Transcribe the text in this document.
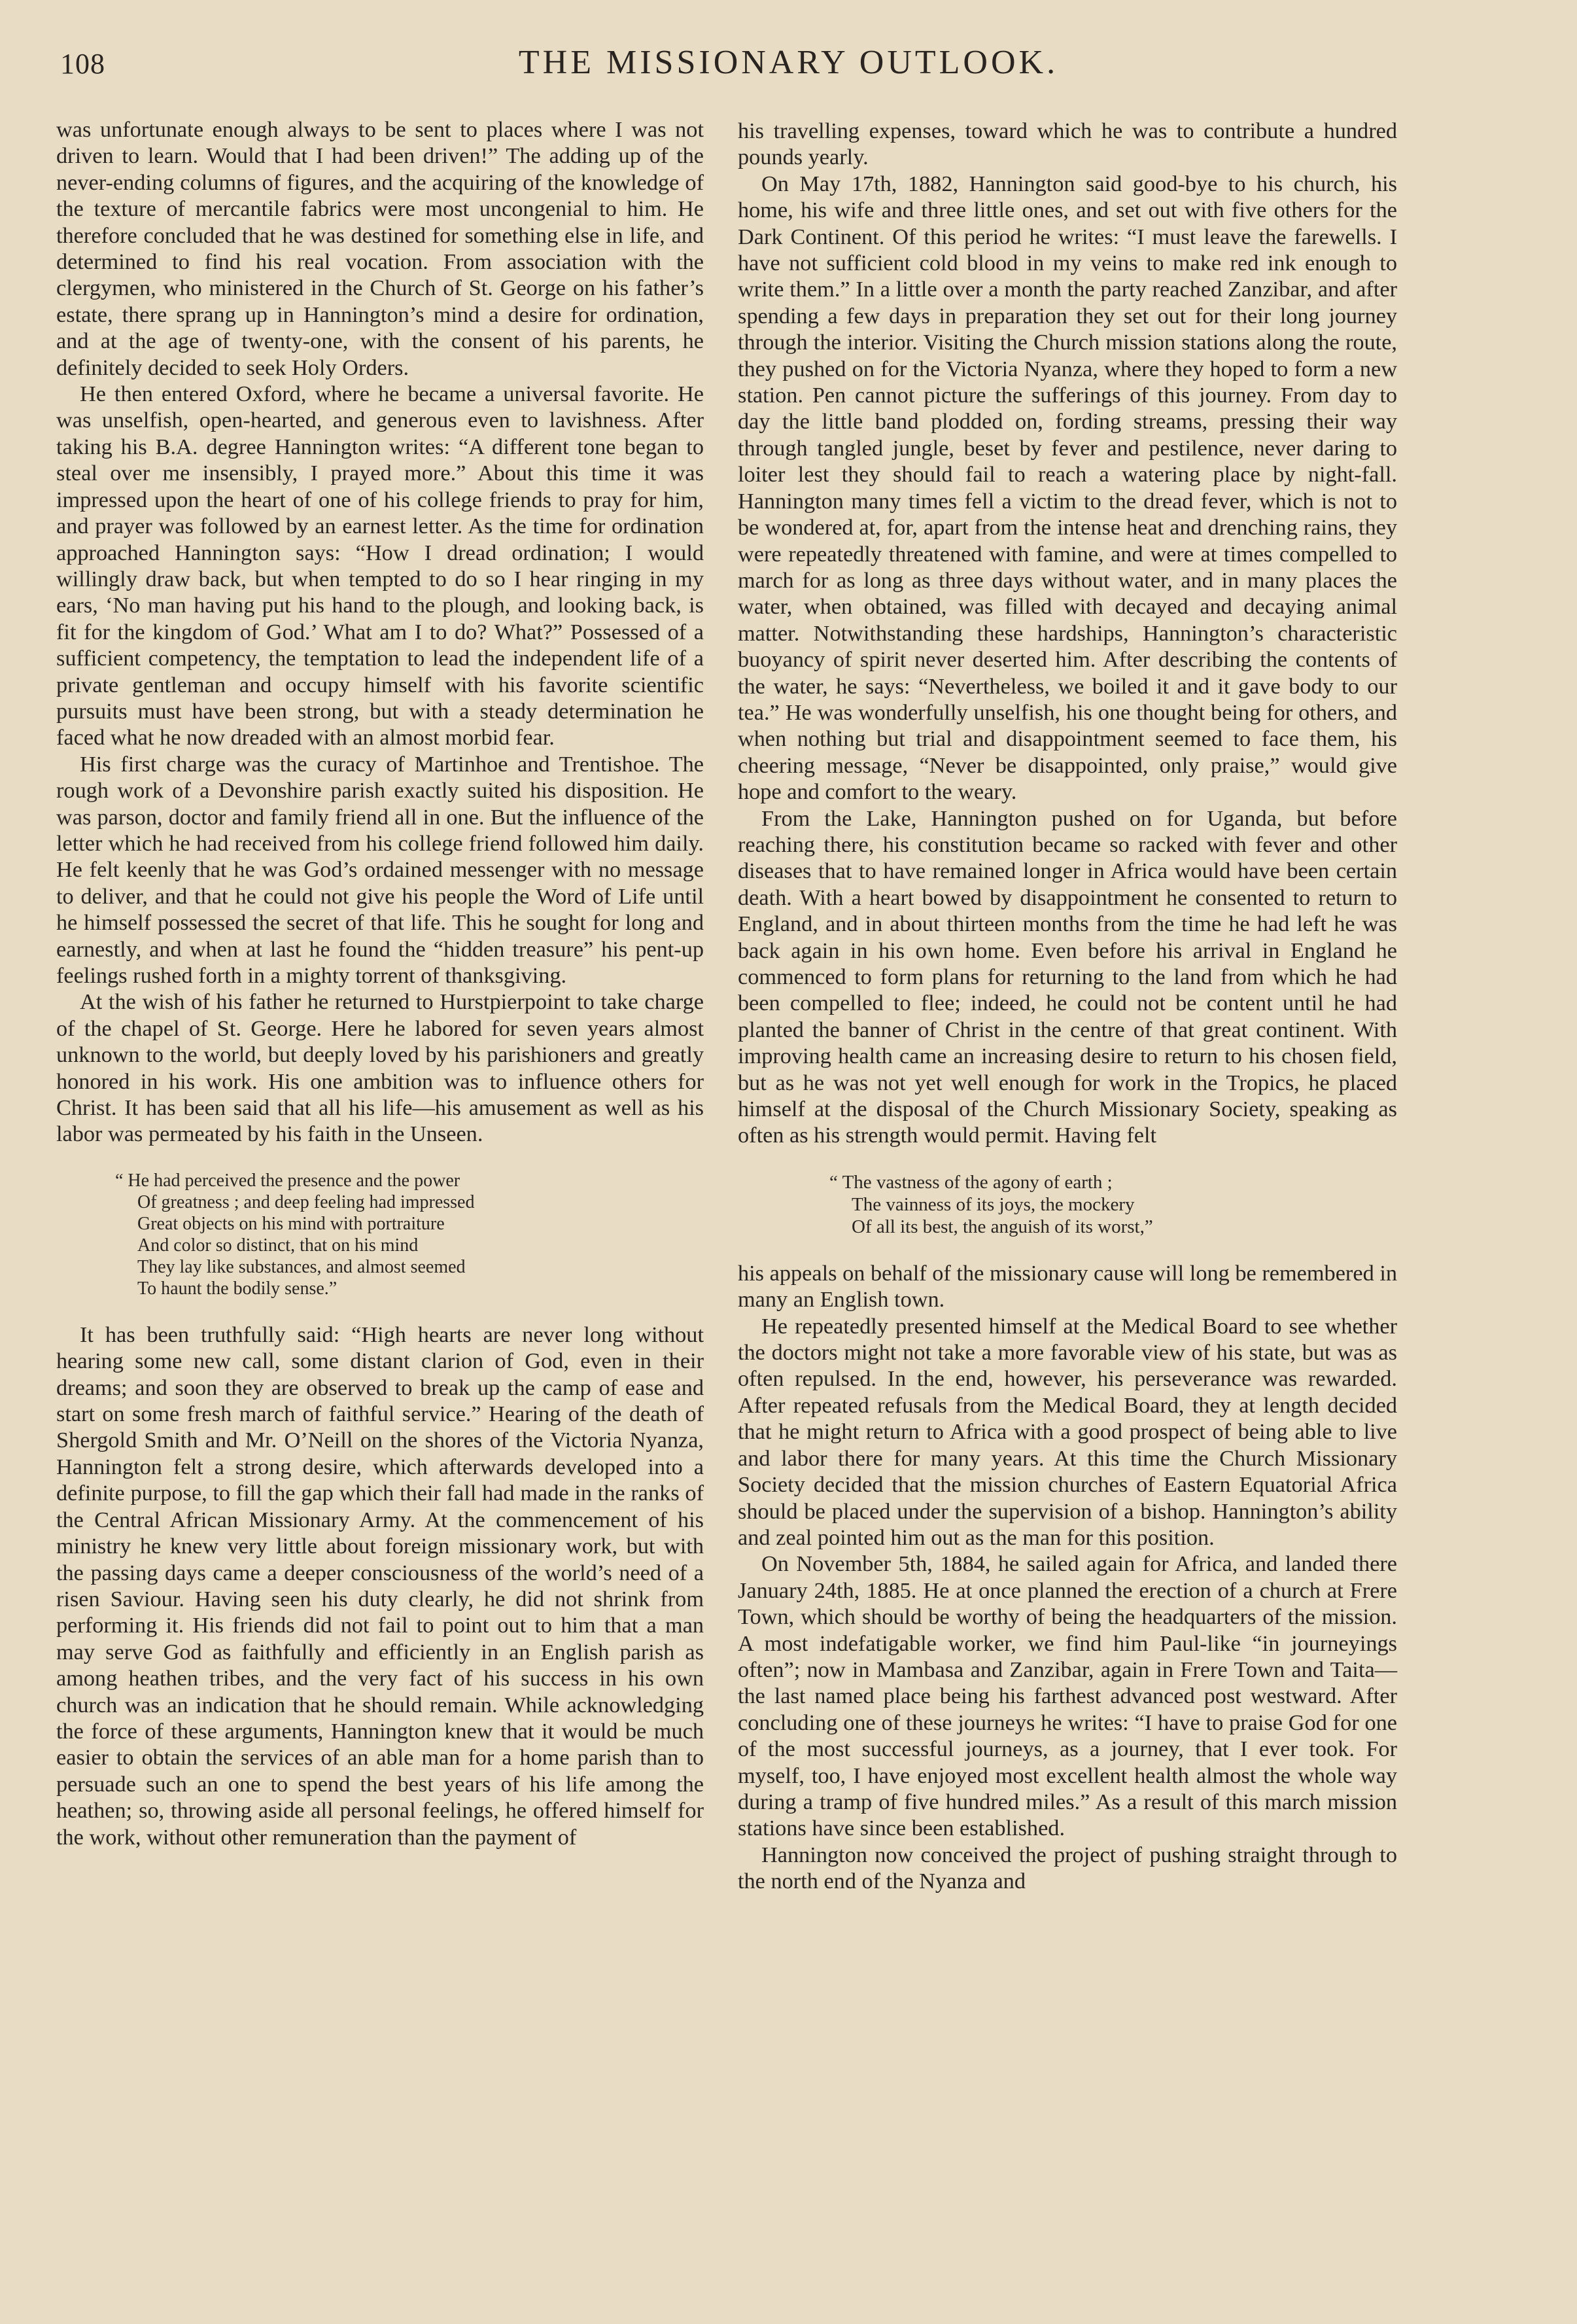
108	THE MISSIONARY OUTLOOK.

was unfortunate enough always to be sent to places where I was not driven to learn. Would that I had been driven!” The adding up of the never-ending columns of figures, and the acquiring of the knowledge of the texture of mercantile fabrics were most uncongenial to him. He therefore concluded that he was destined for something else in life, and determined to find his real vocation. From association with the clergymen, who ministered in the Church of St. George on his father’s estate, there sprang up in Hannington’s mind a desire for ordination, and at the age of twenty-one, with the consent of his parents, he definitely decided to seek Holy Orders.

He then entered Oxford, where he became a universal favorite. He was unselfish, open-hearted, and generous even to lavishness. After taking his B.A. degree Hannington writes: “A different tone began to steal over me insensibly, I prayed more.” About this time it was impressed upon the heart of one of his college friends to pray for him, and prayer was followed by an earnest letter. As the time for ordination approached Hannington says: “How I dread ordination; I would willingly draw back, but when tempted to do so I hear ringing in my ears, ‘No man having put his hand to the plough, and looking back, is fit for the kingdom of God.’ What am I to do? What?” Possessed of a sufficient competency, the temptation to lead the independent life of a private gentleman and occupy himself with his favorite scientific pursuits must have been strong, but with a steady determination he faced what he now dreaded with an almost morbid fear.

His first charge was the curacy of Martinhoe and Trentishoe. The rough work of a Devonshire parish exactly suited his disposition. He was parson, doctor and family friend all in one. But the influence of the letter which he had received from his college friend followed him daily. He felt keenly that he was God’s ordained messenger with no message to deliver, and that he could not give his people the Word of Life until he himself possessed the secret of that life. This he sought for long and earnestly, and when at last he found the “hidden treasure” his pent-up feelings rushed forth in a mighty torrent of thanksgiving.

At the wish of his father he returned to Hurstpierpoint to take charge of the chapel of St. George. Here he labored for seven years almost unknown to the world, but deeply loved by his parishioners and greatly honored in his work. His one ambition was to influence others for Christ. It has been said that all his life—his amusement as well as his labor was permeated by his faith in the Unseen.

“ He had perceived the presence and the power
Of greatness ; and deep feeling had impressed
Great objects on his mind with portraiture
And color so distinct, that on his mind
They lay like substances, and almost seemed
To haunt the bodily sense.”

It has been truthfully said: “High hearts are never long without hearing some new call, some distant clarion of God, even in their dreams; and soon they are observed to break up the camp of ease and start on some fresh march of faithful service.” Hearing of the death of Shergold Smith and Mr. O’Neill on the shores of the Victoria Nyanza, Hannington felt a strong desire, which afterwards developed into a definite purpose, to fill the gap which their fall had made in the ranks of the Central African Missionary Army. At the commencement of his ministry he knew very little about foreign missionary work, but with the passing days came a deeper consciousness of the world’s need of a risen Saviour. Having seen his duty clearly, he did not shrink from performing it. His friends did not fail to point out to him that a man may serve God as faithfully and efficiently in an English parish as among heathen tribes, and the very fact of his success in his own church was an indication that he should remain. While acknowledging the force of these arguments, Hannington knew that it would be much easier to obtain the services of an able man for a home parish than to persuade such an one to spend the best years of his life among the heathen; so, throwing aside all personal feelings, he offered himself for the work, without other remuneration than the payment of

his travelling expenses, toward which he was to contribute a hundred pounds yearly.

On May 17th, 1882, Hannington said good-bye to his church, his home, his wife and three little ones, and set out with five others for the Dark Continent. Of this period he writes: “I must leave the farewells. I have not sufficient cold blood in my veins to make red ink enough to write them.” In a little over a month the party reached Zanzibar, and after spending a few days in preparation they set out for their long journey through the interior. Visiting the Church mission stations along the route, they pushed on for the Victoria Nyanza, where they hoped to form a new station. Pen cannot picture the sufferings of this journey. From day to day the little band plodded on, fording streams, pressing their way through tangled jungle, beset by fever and pestilence, never daring to loiter lest they should fail to reach a watering place by night-fall. Hannington many times fell a victim to the dread fever, which is not to be wondered at, for, apart from the intense heat and drenching rains, they were repeatedly threatened with famine, and were at times compelled to march for as long as three days without water, and in many places the water, when obtained, was filled with decayed and decaying animal matter. Notwithstanding these hardships, Hannington’s characteristic buoyancy of spirit never deserted him. After describing the contents of the water, he says: “Nevertheless, we boiled it and it gave body to our tea.” He was wonderfully unselfish, his one thought being for others, and when nothing but trial and disappointment seemed to face them, his cheering message, “Never be disappointed, only praise,” would give hope and comfort to the weary.

From the Lake, Hannington pushed on for Uganda, but before reaching there, his constitution became so racked with fever and other diseases that to have remained longer in Africa would have been certain death. With a heart bowed by disappointment he consented to return to England, and in about thirteen months from the time he had left he was back again in his own home. Even before his arrival in England he commenced to form plans for returning to the land from which he had been compelled to flee; indeed, he could not be content until he had planted the banner of Christ in the centre of that great continent. With improving health came an increasing desire to return to his chosen field, but as he was not yet well enough for work in the Tropics, he placed himself at the disposal of the Church Missionary Society, speaking as often as his strength would permit. Having felt

“ The vastness of the agony of earth ;
The vainness of its joys, the mockery
Of all its best, the anguish of its worst,”

his appeals on behalf of the missionary cause will long be remembered in many an English town.

He repeatedly presented himself at the Medical Board to see whether the doctors might not take a more favorable view of his state, but was as often repulsed. In the end, however, his perseverance was rewarded. After repeated refusals from the Medical Board, they at length decided that he might return to Africa with a good prospect of being able to live and labor there for many years. At this time the Church Missionary Society decided that the mission churches of Eastern Equatorial Africa should be placed under the supervision of a bishop. Hannington’s ability and zeal pointed him out as the man for this position.

On November 5th, 1884, he sailed again for Africa, and landed there January 24th, 1885. He at once planned the erection of a church at Frere Town, which should be worthy of being the headquarters of the mission. A most indefatigable worker, we find him Paul-like “in journeyings often”; now in Mambasa and Zanzibar, again in Frere Town and Taita—the last named place being his farthest advanced post westward. After concluding one of these journeys he writes: “I have to praise God for one of the most successful journeys, as a journey, that I ever took. For myself, too, I have enjoyed most excellent health almost the whole way during a tramp of five hundred miles.” As a result of this march mission stations have since been established.

Hannington now conceived the project of pushing straight through to the north end of the Nyanza and
